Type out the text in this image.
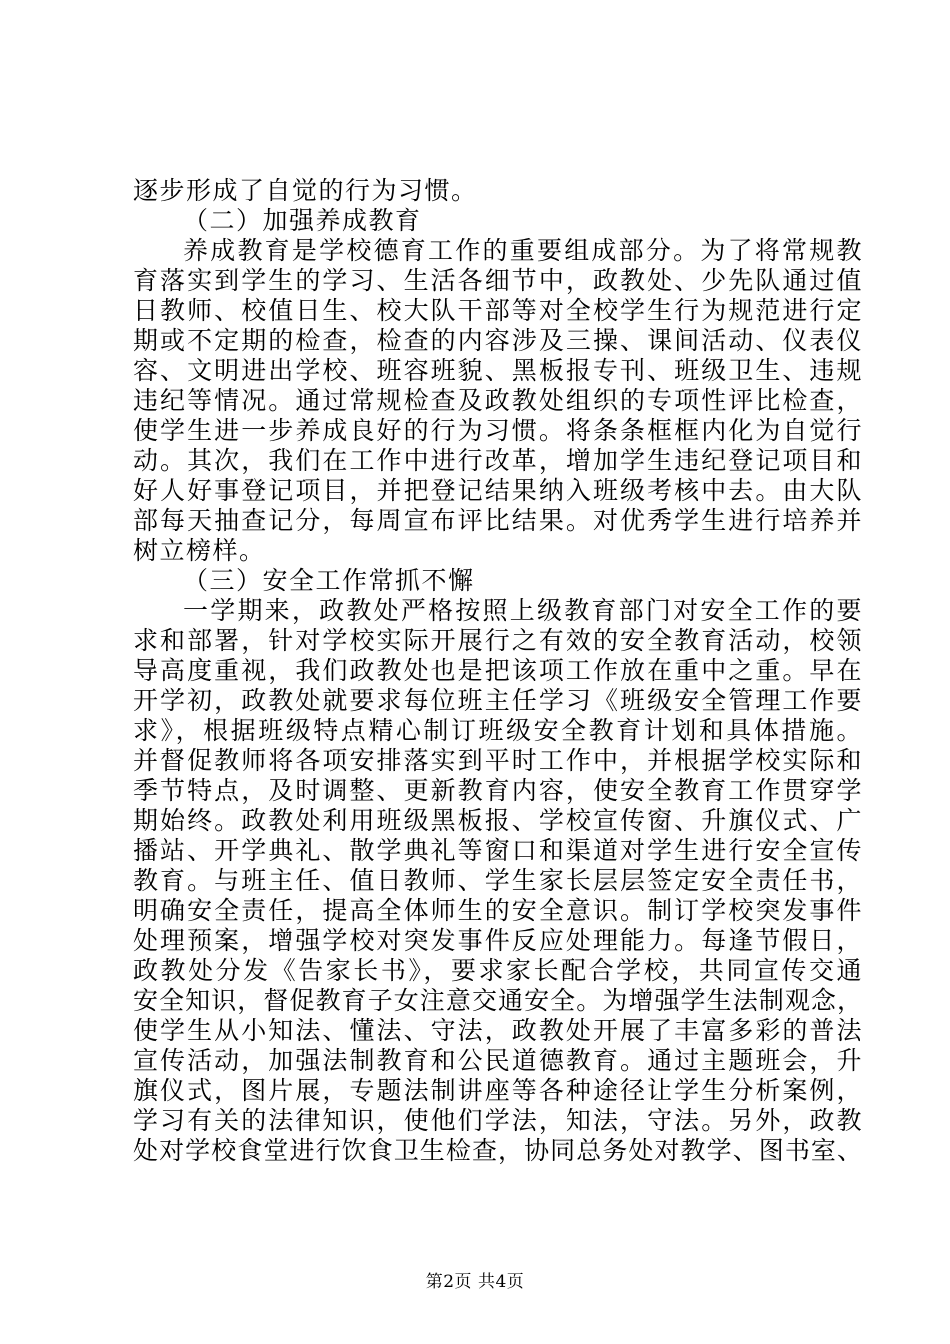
逐步形成了自觉的行为习惯。
（二）加强养成教育
养成教育是学校德育工作的重要组成部分。为了将常规教
育落实到学生的学习、生活各细节中，政教处、少先队通过值
日教师、校值日生、校大队干部等对全校学生行为规范进行定
期或不定期的检查，检查的内容涉及三操、课间活动、仪表仪
容、文明进出学校、班容班貌、黑板报专刊、班级卫生、违规
违纪等情况。通过常规检查及政教处组织的专项性评比检查，
使学生进一步养成良好的行为习惯。将条条框框内化为自觉行
动。其次，我们在工作中进行改革，增加学生违纪登记项目和
好人好事登记项目，并把登记结果纳入班级考核中去。由大队
部每天抽查记分，每周宣布评比结果。对优秀学生进行培养并
树立榜样。
（三）安全工作常抓不懈
一学期来，政教处严格按照上级教育部门对安全工作的要
求和部署，针对学校实际开展行之有效的安全教育活动，校领
导高度重视，我们政教处也是把该项工作放在重中之重。早在
开学初，政教处就要求每位班主任学习《班级安全管理工作要
求》，根据班级特点精心制订班级安全教育计划和具体措施。
并督促教师将各项安排落实到平时工作中，并根据学校实际和
季节特点，及时调整、更新教育内容，使安全教育工作贯穿学
期始终。政教处利用班级黑板报、学校宣传窗、升旗仪式、广
播站、开学典礼、散学典礼等窗口和渠道对学生进行安全宣传
教育。与班主任、值日教师、学生家长层层签定安全责任书，
明确安全责任，提高全体师生的安全意识。制订学校突发事件
处理预案，增强学校对突发事件反应处理能力。每逢节假日，
政教处分发《告家长书》，要求家长配合学校，共同宣传交通
安全知识，督促教育子女注意交通安全。为增强学生法制观念，
使学生从小知法、懂法、守法，政教处开展了丰富多彩的普法
宣传活动，加强法制教育和公民道德教育。通过主题班会，升
旗仪式，图片展，专题法制讲座等各种途径让学生分析案例，
学习有关的法律知识，使他们学法，知法，守法。另外，政教
处对学校食堂进行饮食卫生检查，协同总务处对教学、图书室、
第2页 共4页
